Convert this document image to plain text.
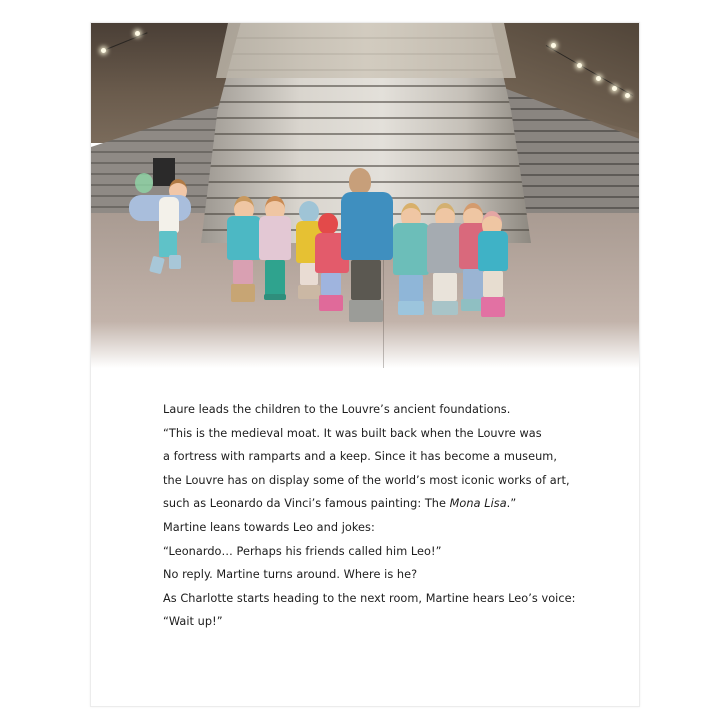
Laure leads the children to the Louvre’s ancient foundations.
“This is the medieval moat. It was built back when the Louvre was
a fortress with ramparts and a keep. Since it has become a museum,
the Louvre has on display some of the world’s most iconic works of art,
such as Leonardo da Vinci’s famous painting: The Mona Lisa.”
Martine leans towards Leo and jokes:
“Leonardo… Perhaps his friends called him Leo!”
No reply. Martine turns around. Where is he?
As Charlotte starts heading to the next room, Martine hears Leo’s voice:
“Wait up!”
